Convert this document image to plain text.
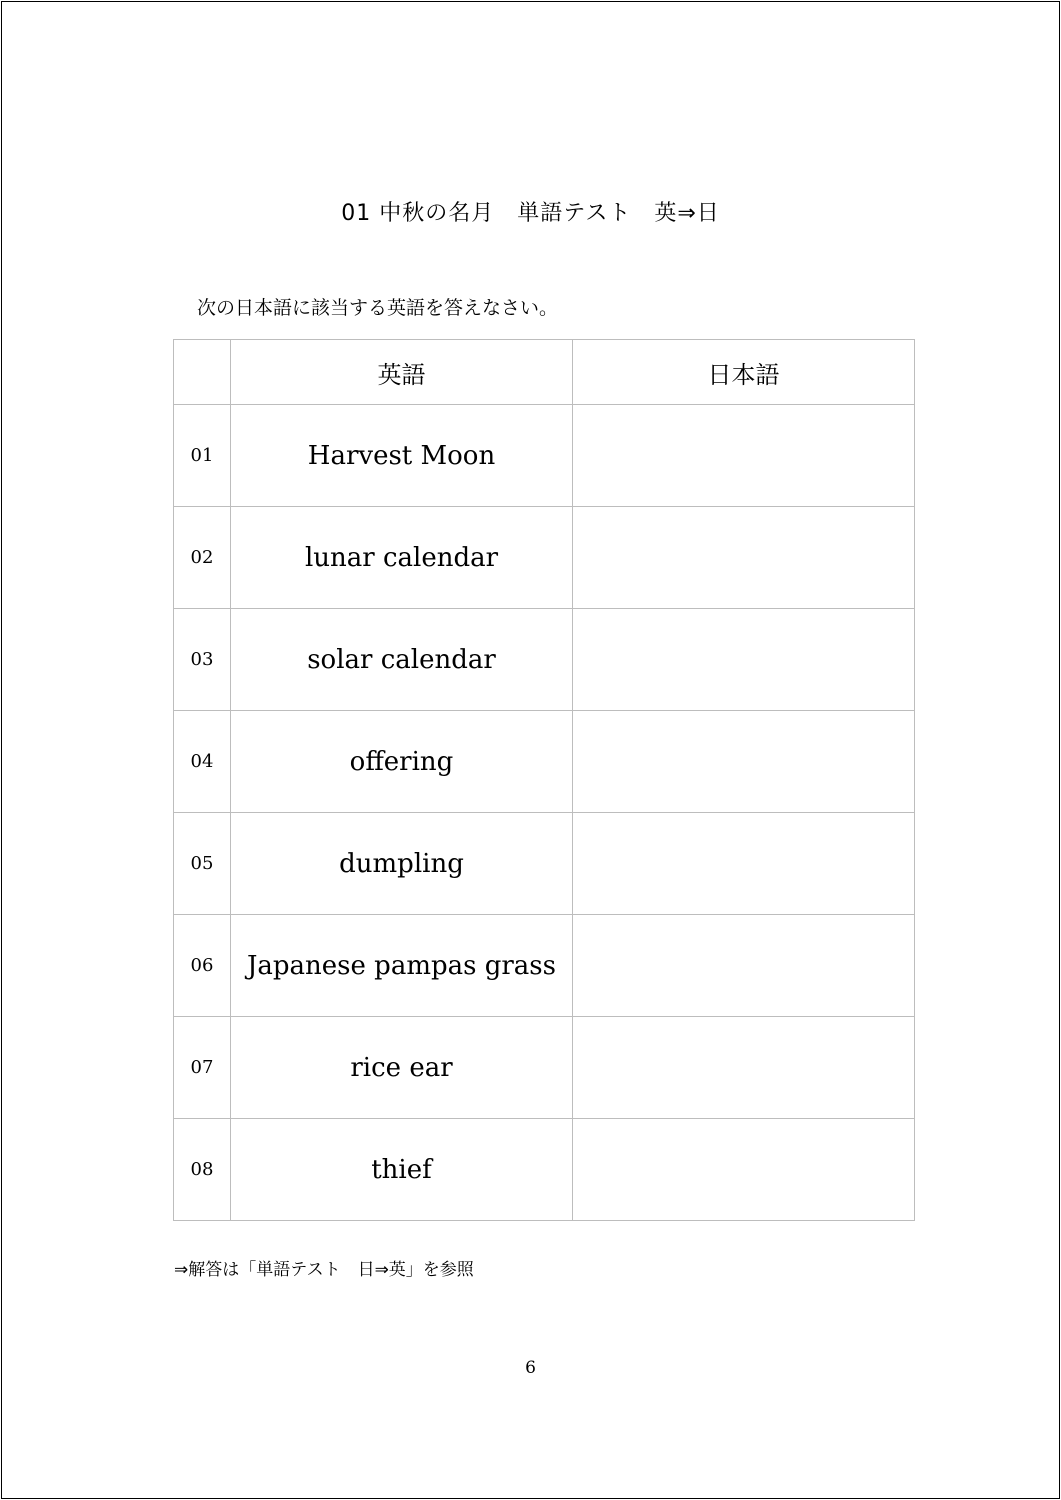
01 中秋の名月　単語テスト　英⇒日
次の日本語に該当する英語を答えなさい。
	英語	日本語
01	Harvest Moon	
02	lunar calendar	
03	solar calendar	
04	offering	
05	dumpling	
06	Japanese pampas grass	
07	rice ear	
08	thief	
⇒解答は「単語テスト　日⇒英」を参照
6
